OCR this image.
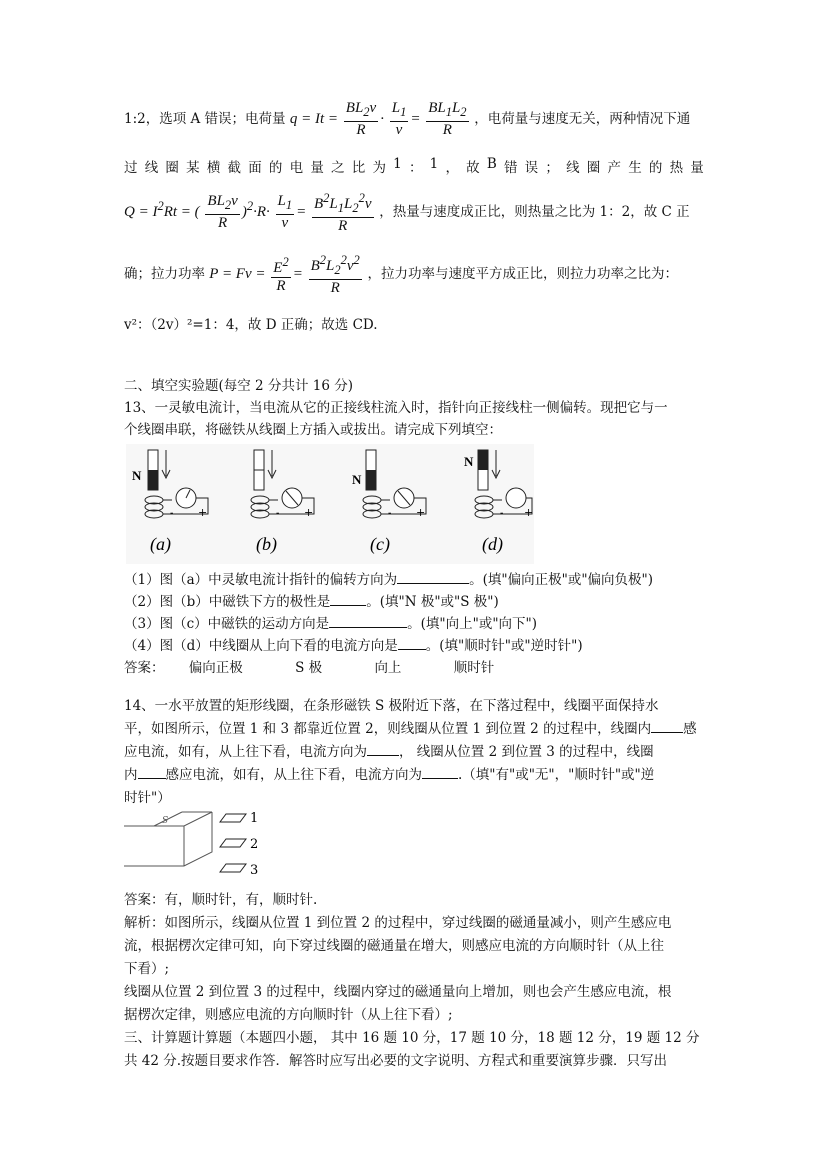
1:2，选项 A 错误；电荷量 $q = It = \frac{BL_2v}{R} \cdot \frac{L_1}{v} = \frac{BL_1L_2}{R}$ ，电荷量与速度无关，两种情况下通
过 线 圈 某 横 截 面 的 电 量 之 比 为 1 ： 1 ， 故 B 错 误 ； 线 圈 产 生 的 热 量
$Q = I^2Rt$ = ( $\frac{BL_2v}{R} )^2\cdot R\cdot \frac{L_1}{v} = \frac{B^2L_1L_2^2v}{R}$ ，热量与速度成正比，则热量之比为 1：2，故 C 正
确；拉力功率 $P = Fv = \frac{E^2}{R} = \frac{B^2L_2^2v^2}{R}$ ，拉力功率与速度平方成正比，则拉力功率之比为：
v²：（2v）²=1：4，故 D 正确；故选 CD.
二、填空实验题(每空 2 分共计 16 分)
13、一灵敏电流计，当电流从它的正接线柱流入时，指针向正接线柱一侧偏转。现把它与一
个线圈串联，将磁铁从线圈上方插入或拔出。请完成下列填空：
N
- +
(a)
- +
(b)
N
- +
(c)
N
- +
(d)
（1）图（a）中灵敏电流计指针的偏转方向为	。(填"偏向正极"或"偏向负极")
（2）图（b）中磁铁下方的极性是	。(填"N 极"或"S 极")
（3）图（c）中磁铁的运动方向是	。(填"向上"或"向下")
（4）图（d）中线圈从上向下看的电流方向是 。(填"顺时针"或"逆时针")
答案： 偏向正极	S 极	向上	顺时针
14、一水平放置的矩形线圈，在条形磁铁 S 极附近下落，在下落过程中，线圈平面保持水
平，如图所示，位置 1 和 3 都靠近位置 2，则线圈从位置 1 到位置 2 的过程中，线圈内 感
应电流，如有，从上往下看，电流方向为 ， 线圈从位置 2 到位置 3 的过程中，线圈
内 感应电流，如有，从上往下看，电流方向为	.（填"有"或"无"，"顺时针"或"逆
时针"）
S	1
2
3
答案：有，顺时针，有，顺时针.
解析：如图所示，线圈从位置 1 到位置 2 的过程中，穿过线圈的磁通量减小，则产生感应电
流，根据楞次定律可知，向下穿过线圈的磁通量在增大，则感应电流的方向顺时针（从上往
下看）;
线圈从位置 2 到位置 3 的过程中，线圈内穿过的磁通量向上增加，则也会产生感应电流，根
据楞次定律，则感应电流的方向顺时针（从上往下看）;
三、计算题计算题（本题四小题， 其中 16 题 10 分，17 题 10 分，18 题 12 分，19 题 12 分
共 42 分.按题目要求作答．解答时应写出必要的文字说明、方程式和重要演算步骤．只写出
